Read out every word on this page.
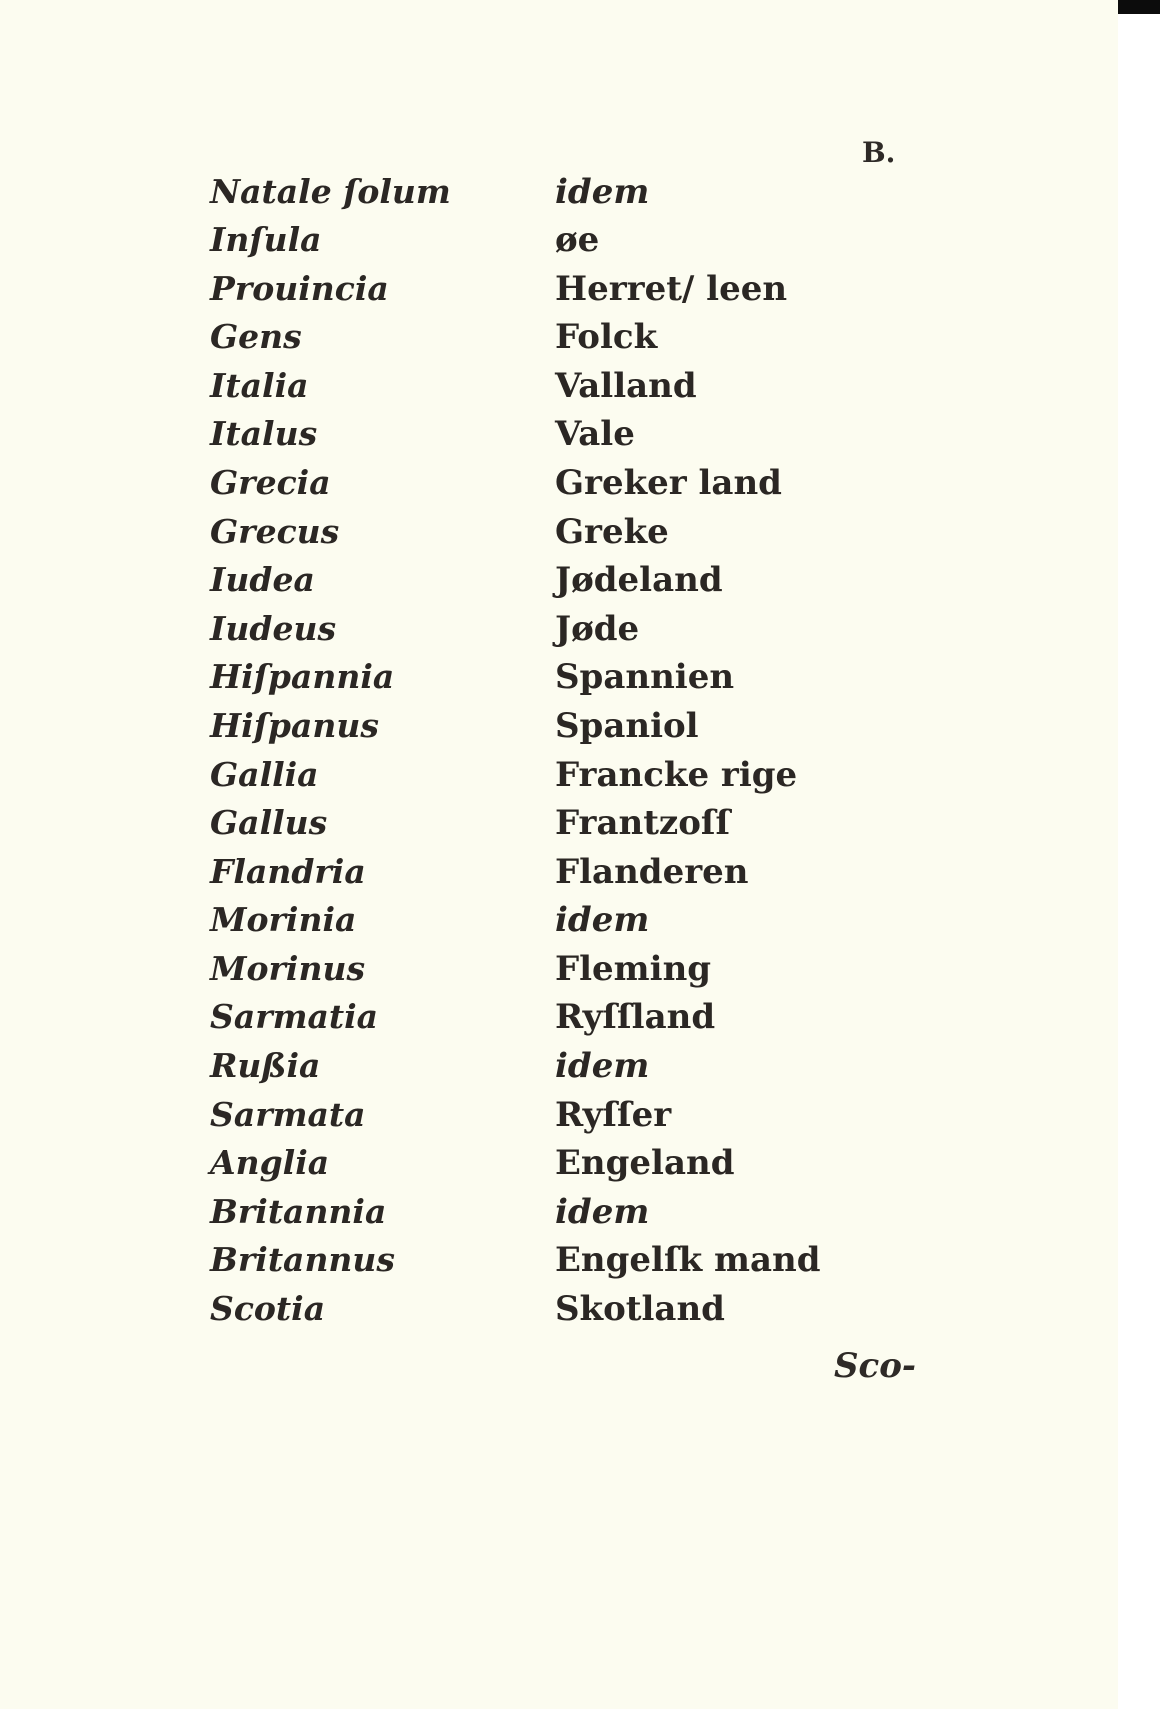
B.
Natale ſolum	idem
Inſula	øe
Prouincia	Herret/ leen
Gens	Folck
Italia	Valland
Italus	Vale
Grecia	Greker land
Grecus	Greke
Iudea	Jødeland
Iudeus	Jøde
Hiſpannia	Spannien
Hiſpanus	Spaniol
Gallia	Francke rige
Gallus	Frantzoſſ
Flandria	Flanderen
Morinia	idem
Morinus	Fleming
Sarmatia	Ryſſland
Rußia	idem
Sarmata	Ryſſer
Anglia	Engeland
Britannia	idem
Britannus	Engelſk mand
Scotia	Skotland
Sco-
